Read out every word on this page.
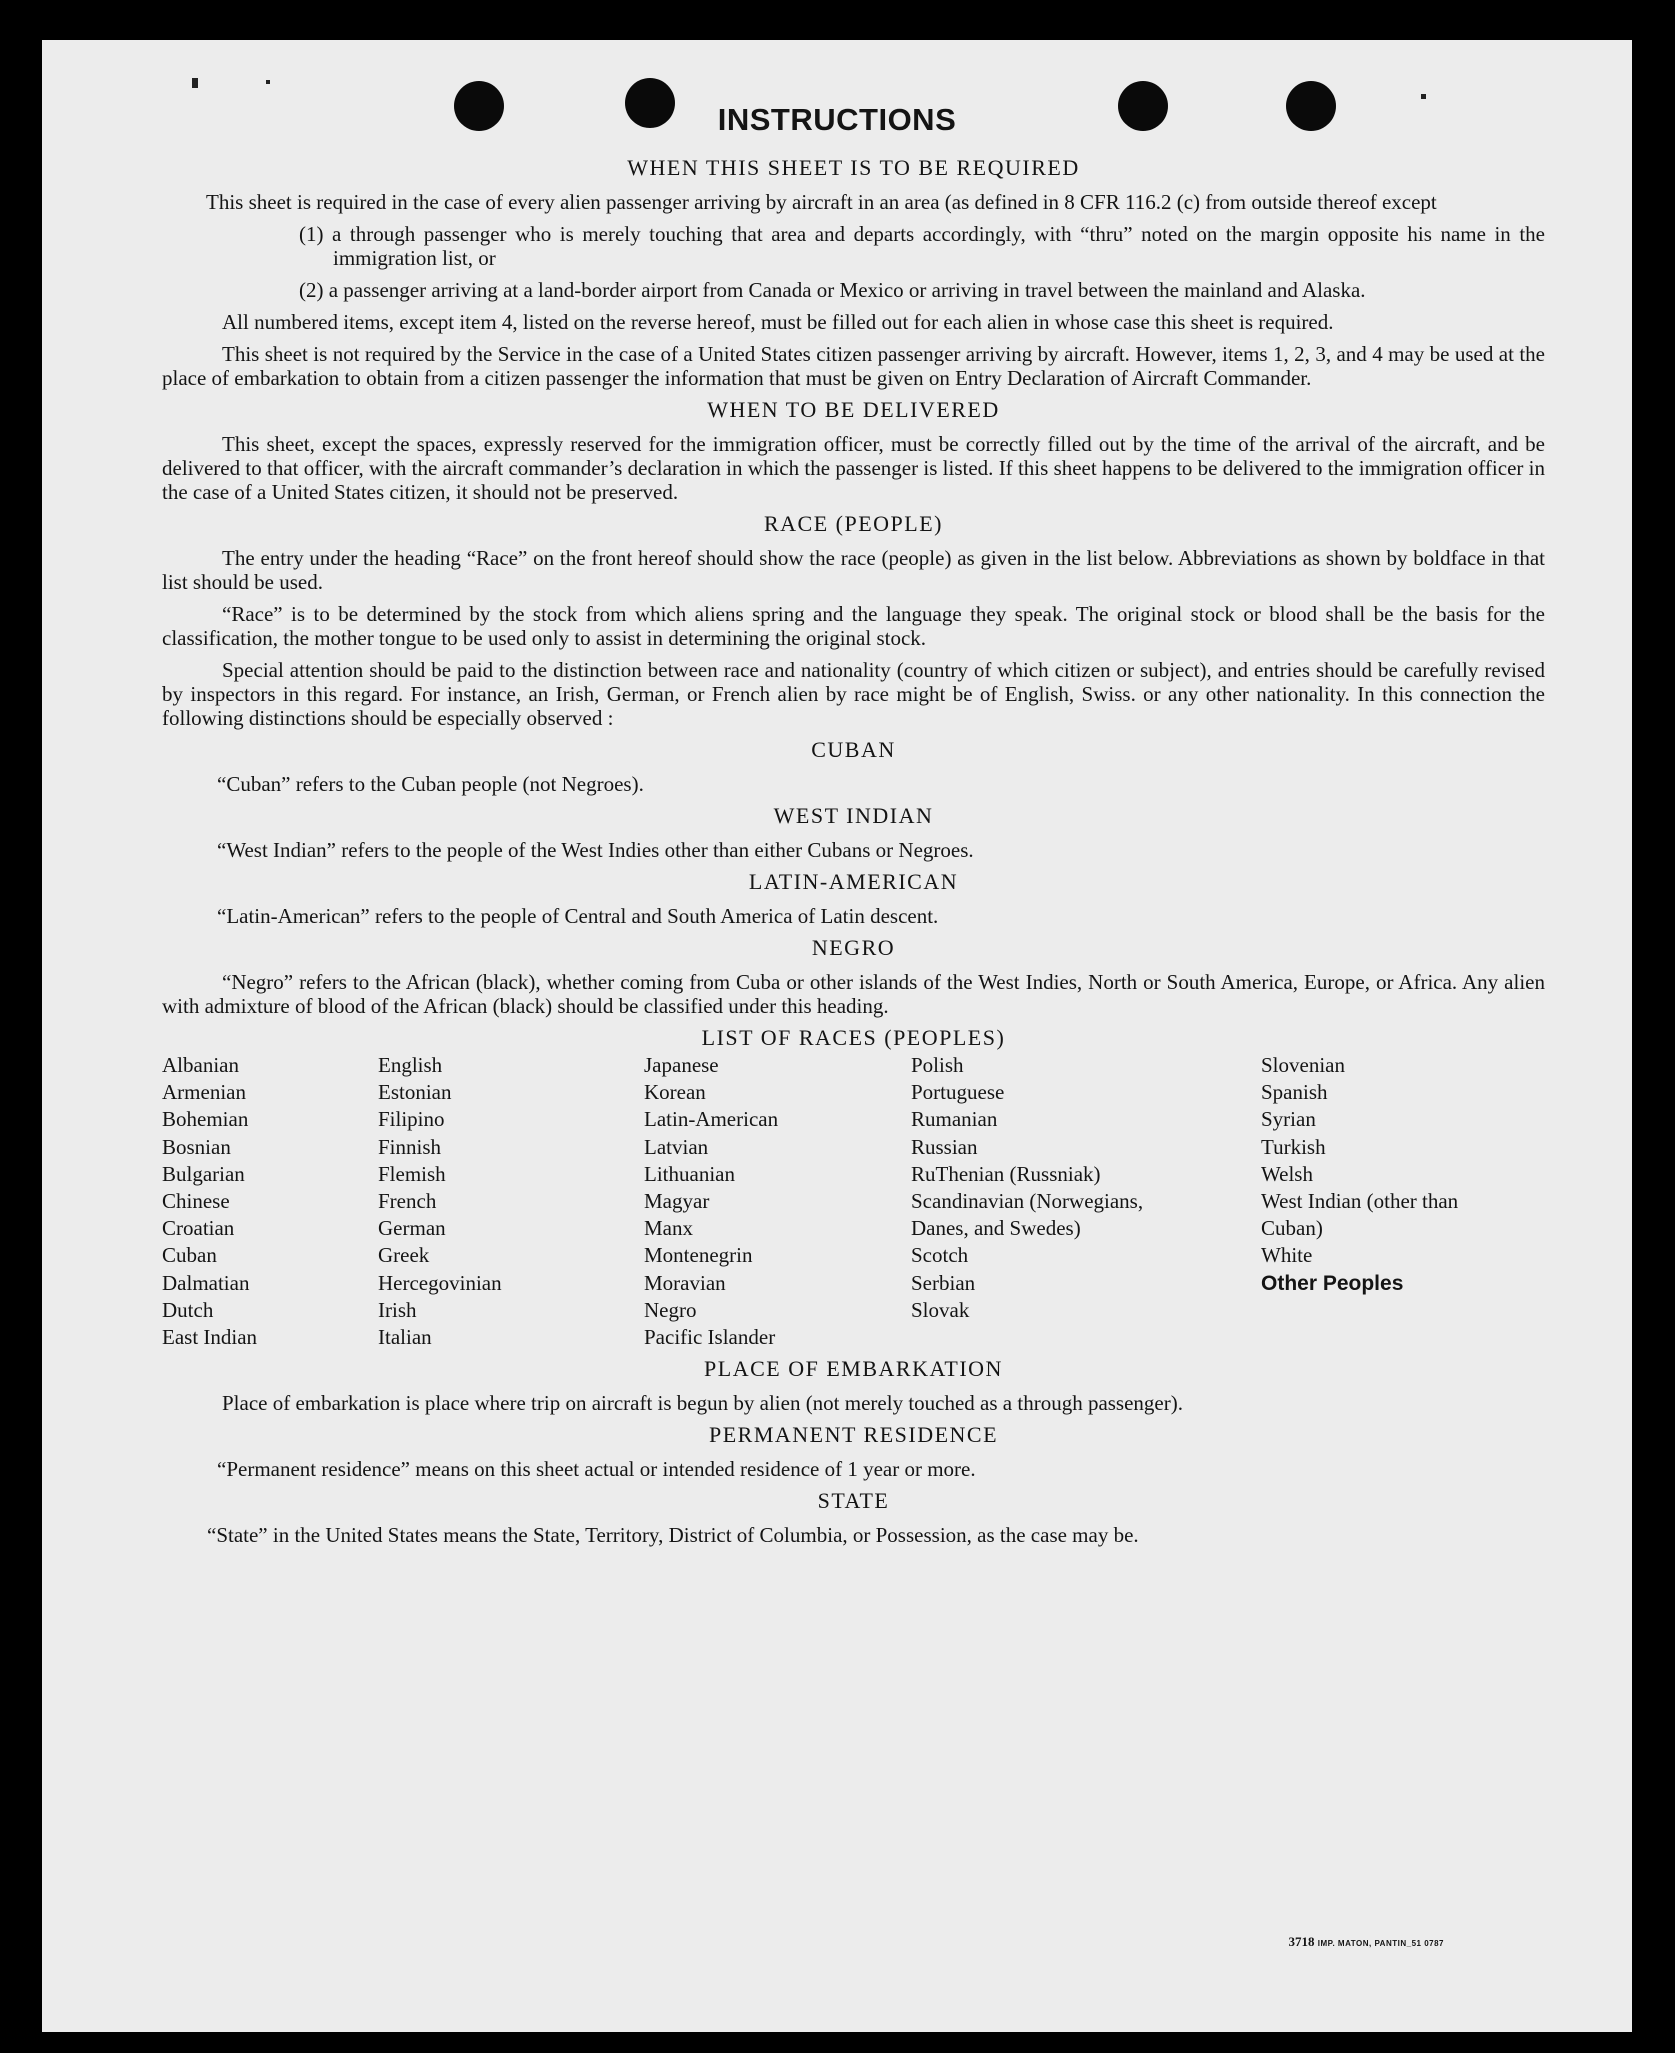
INSTRUCTIONS
WHEN THIS SHEET IS TO BE REQUIRED

This sheet is required in the case of every alien passenger arriving by aircraft in an area (as defined in 8 CFR 116.2 (c) from outside thereof except

(1) a through passenger who is merely touching that area and departs accordingly, with “thru” noted on the margin opposite his name in the immigration list, or

(2) a passenger arriving at a land-border airport from Canada or Mexico or arriving in travel between the mainland and Alaska.

All numbered items, except item 4, listed on the reverse hereof, must be filled out for each alien in whose case this sheet is required.

This sheet is not required by the Service in the case of a United States citizen passenger arriving by aircraft. However, items 1, 2, 3, and 4 may be used at the place of embarkation to obtain from a citizen passenger the information that must be given on Entry Declaration of Aircraft Commander.

WHEN TO BE DELIVERED

This sheet, except the spaces, expressly reserved for the immigration officer, must be correctly filled out by the time of the arrival of the aircraft, and be delivered to that officer, with the aircraft commander’s declaration in which the passenger is listed. If this sheet happens to be delivered to the immigration officer in the case of a United States citizen, it should not be preserved.

RACE (PEOPLE)

The entry under the heading “Race” on the front hereof should show the race (people) as given in the list below. Abbreviations as shown by boldface in that list should be used.

“Race” is to be determined by the stock from which aliens spring and the language they speak. The original stock or blood shall be the basis for the classification, the mother tongue to be used only to assist in determining the original stock.

Special attention should be paid to the distinction between race and nationality (country of which citizen or subject), and entries should be carefully revised by inspectors in this regard. For instance, an Irish, German, or French alien by race might be of English, Swiss. or any other nationality. In this connection the following distinctions should be especially observed :

CUBAN

“Cuban” refers to the Cuban people (not Negroes).

WEST INDIAN

“West Indian” refers to the people of the West Indies other than either Cubans or Negroes.

LATIN-AMERICAN

“Latin-American” refers to the people of Central and South America of Latin descent.

NEGRO

“Negro” refers to the African (black), whether coming from Cuba or other islands of the West Indies, North or South America, Europe, or Africa. Any alien with admixture of blood of the African (black) should be classified under this heading.

LIST OF RACES (PEOPLES)
Albanian
Armenian
Bohemian
Bosnian
Bulgarian
Chinese
Croatian
Cuban
Dalmatian
Dutch
East Indian
English
Estonian
Filipino
Finnish
Flemish
French
German
Greek
Hercegovinian
Irish
Italian
Japanese
Korean
Latin-American
Latvian
Lithuanian
Magyar
Manx
Montenegrin
Moravian
Negro
Pacific Islander
Polish
Portuguese
Rumanian
Russian
RuThenian (Russniak)
Scandinavian (Norwegians, Danes, and Swedes)
Scotch
Serbian
Slovak
Slovenian
Spanish
Syrian
Turkish
Welsh
West Indian (other than Cuban)
White
Other Peoples
PLACE OF EMBARKATION

Place of embarkation is place where trip on aircraft is begun by alien (not merely touched as a through passenger).

PERMANENT RESIDENCE

“Permanent residence” means on this sheet actual or intended residence of 1 year or more.

STATE

“State” in the United States means the State, Territory, District of Columbia, or Possession, as the case may be.

3718 IMP. MATON, PANTIN_51 0787
